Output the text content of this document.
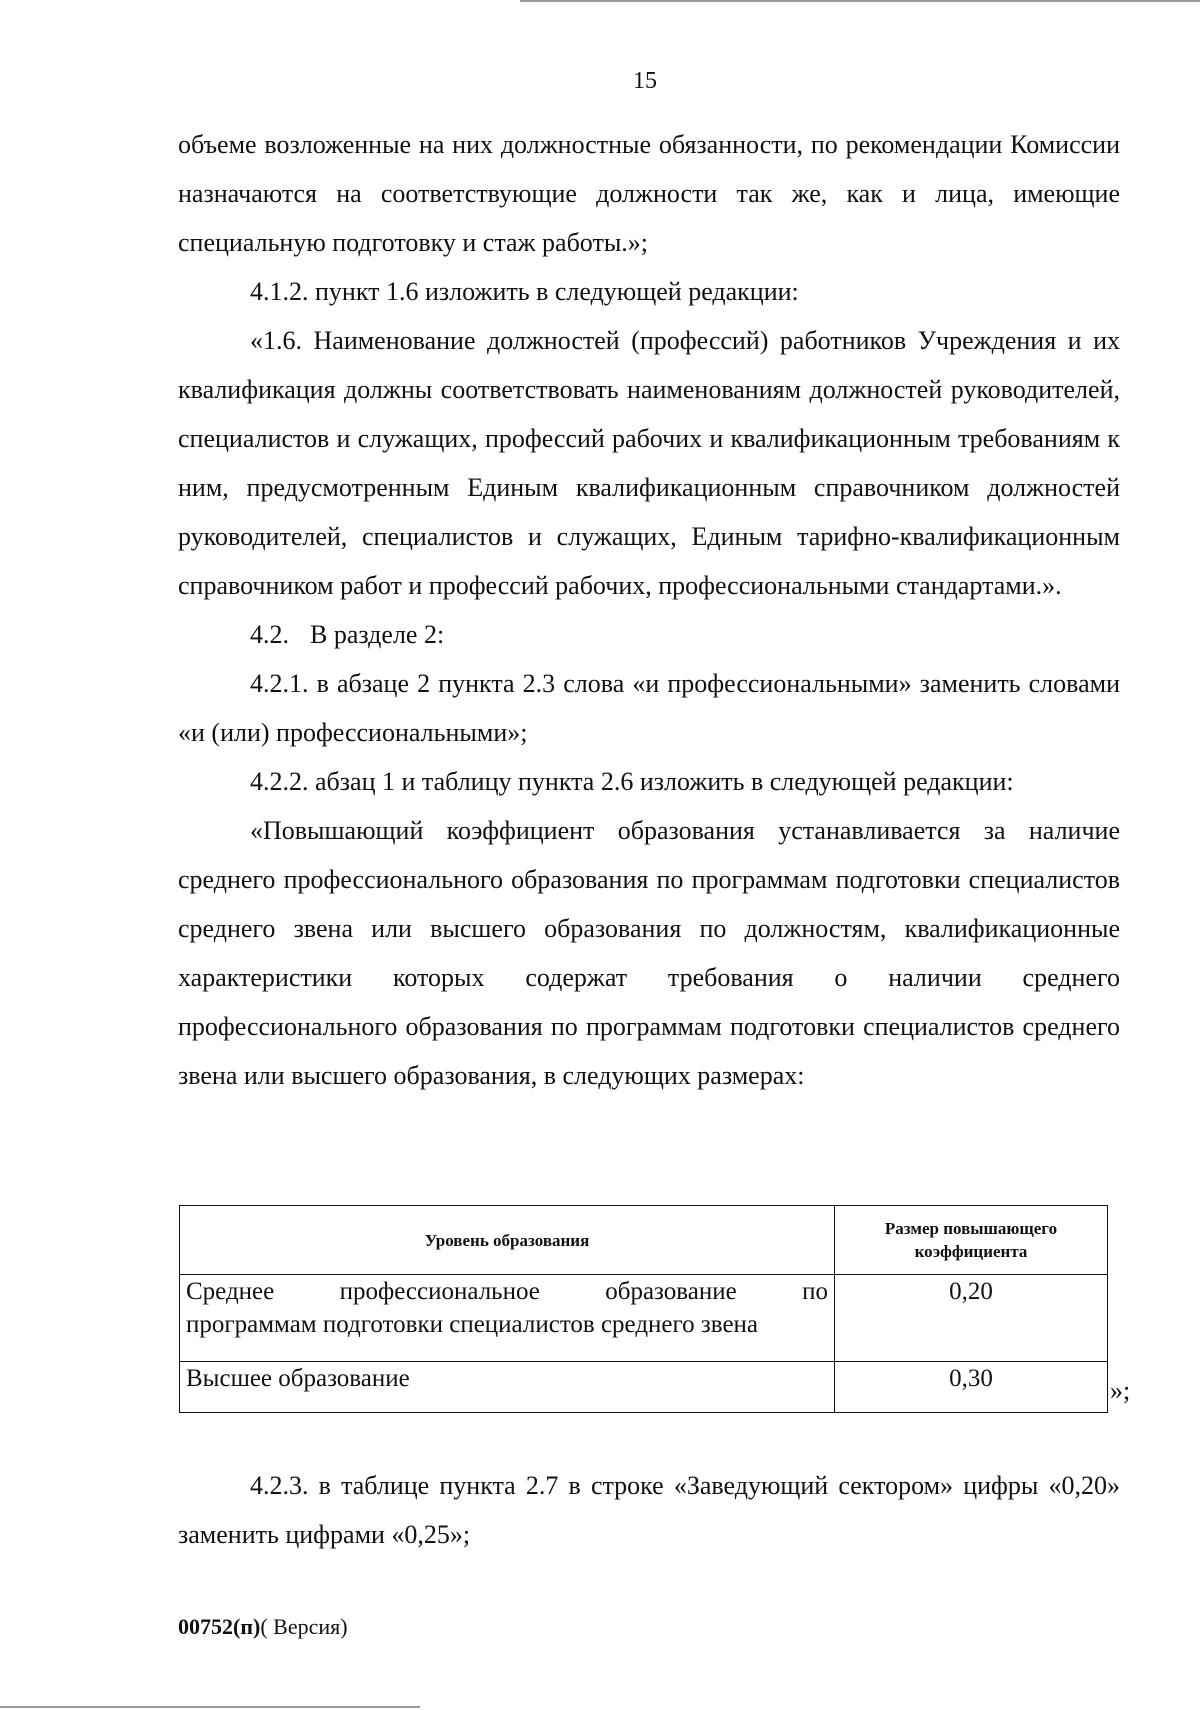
15

объеме возложенные на них должностные обязанности, по рекомендации Комиссии назначаются на соответствующие должности так же, как и лица, имеющие специальную подготовку и стаж работы.»;

4.1.2. пункт 1.6 изложить в следующей редакции:

«1.6. Наименование должностей (профессий) работников Учреждения и их квалификация должны соответствовать наименованиям должностей руководителей, специалистов и служащих, профессий рабочих и квалификационным требованиям к ним, предусмотренным Единым квалификационным справочником должностей руководителей, специалистов и служащих, Единым тарифно-квалификационным справочником работ и профессий рабочих, профессиональными стандартами.».

4.2. В разделе 2:

4.2.1. в абзаце 2 пункта 2.3 слова «и профессиональными» заменить словами «и (или) профессиональными»;

4.2.2. абзац 1 и таблицу пункта 2.6 изложить в следующей редакции:

«Повышающий коэффициент образования устанавливается за наличие среднего профессионального образования по программам подготовки специалистов среднего звена или высшего образования по должностям, квалификационные характеристики которых содержат требования о наличии среднего профессионального образования по программам подготовки специалистов среднего звена или высшего образования, в следующих размерах:

Уровень образования	Размер повышающего коэффициента

Среднее профессиональное образование по
программам подготовки специалистов среднего звена	0,20
Высшее образование	0,30	»;

4.2.3. в таблице пункта 2.7 в строке «Заведующий сектором» цифры «0,20» заменить цифрами «0,25»;

00752(п)( Версия)
